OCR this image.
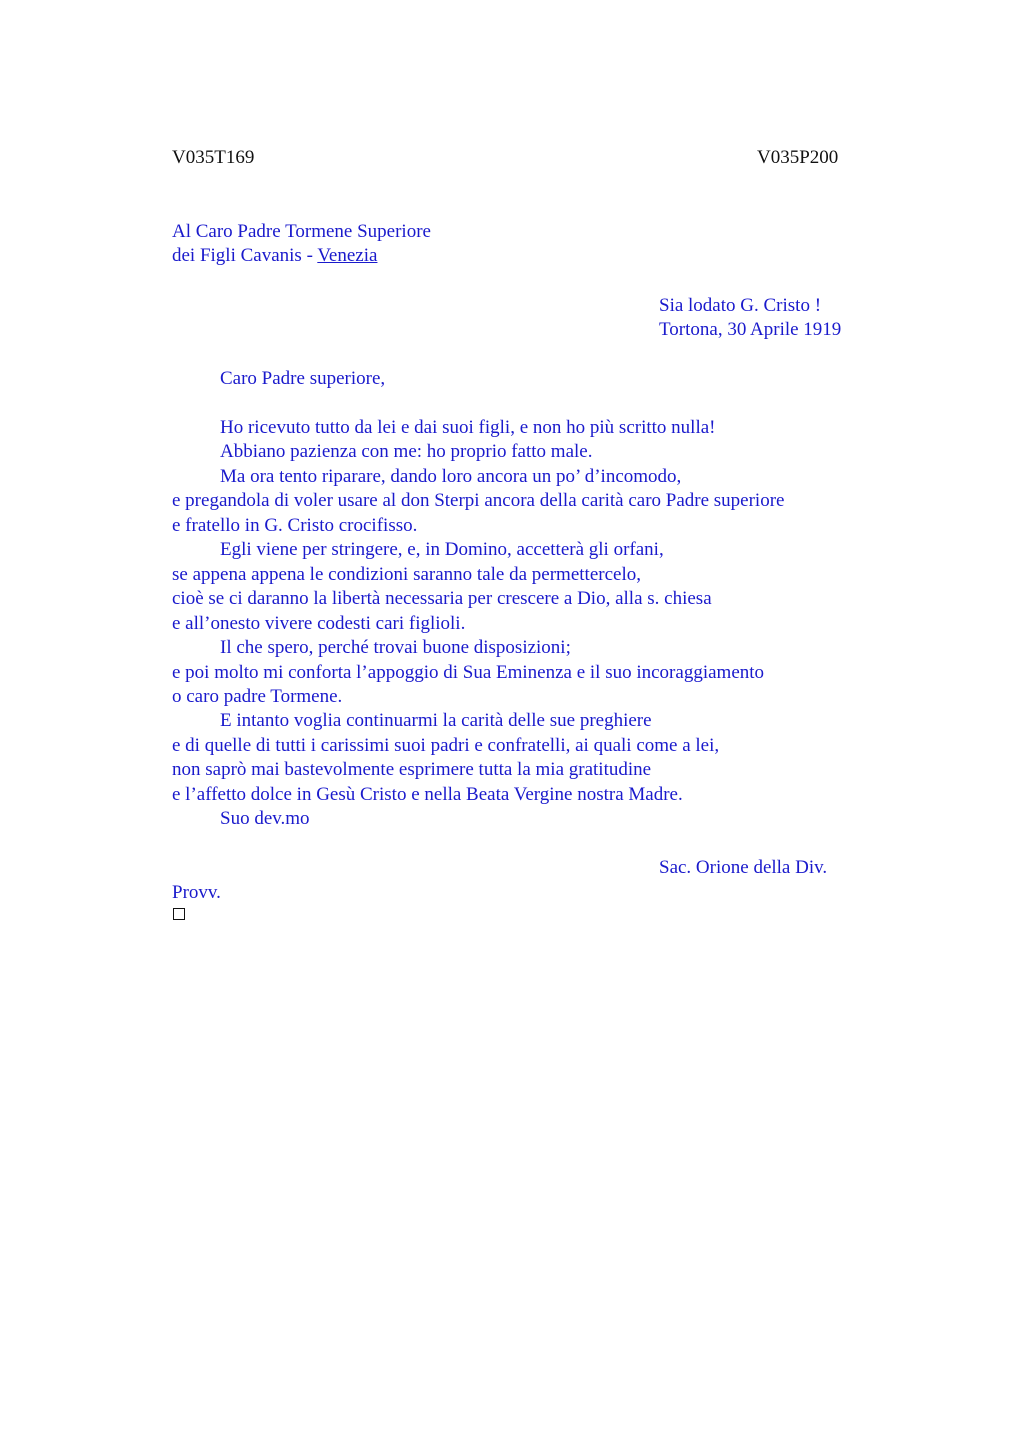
V035T169	V035P200
Al Caro Padre Tormene Superiore
dei Figli Cavanis - Venezia
Sia lodato G. Cristo !
Tortona, 30 Aprile 1919
Caro Padre superiore,
Ho ricevuto tutto da lei e dai suoi figli, e non ho più scritto nulla!
Abbiano pazienza con me: ho proprio fatto male.
Ma ora tento riparare, dando loro ancora un po’ d’incomodo,
e pregandola di voler usare al don Sterpi ancora della carità caro Padre superiore
e fratello in G. Cristo crocifisso.
Egli viene per stringere, e, in Domino, accetterà gli orfani,
se appena appena le condizioni saranno tale da permettercelo,
cioè se ci daranno la libertà necessaria per crescere a Dio, alla s. chiesa
e all’onesto vivere codesti cari figlioli.
Il che spero, perché trovai buone disposizioni;
e poi molto mi conforta l’appoggio di Sua Eminenza e il suo incoraggiamento
o caro padre Tormene.
E intanto voglia continuarmi la carità delle sue preghiere
e di quelle di tutti i carissimi suoi padri e confratelli, ai quali come a lei,
non saprò mai bastevolmente esprimere tutta la mia gratitudine
e l’affetto dolce in Gesù Cristo e nella Beata Vergine nostra Madre.
Suo dev.mo
Sac. Orione della Div.
Provv.
